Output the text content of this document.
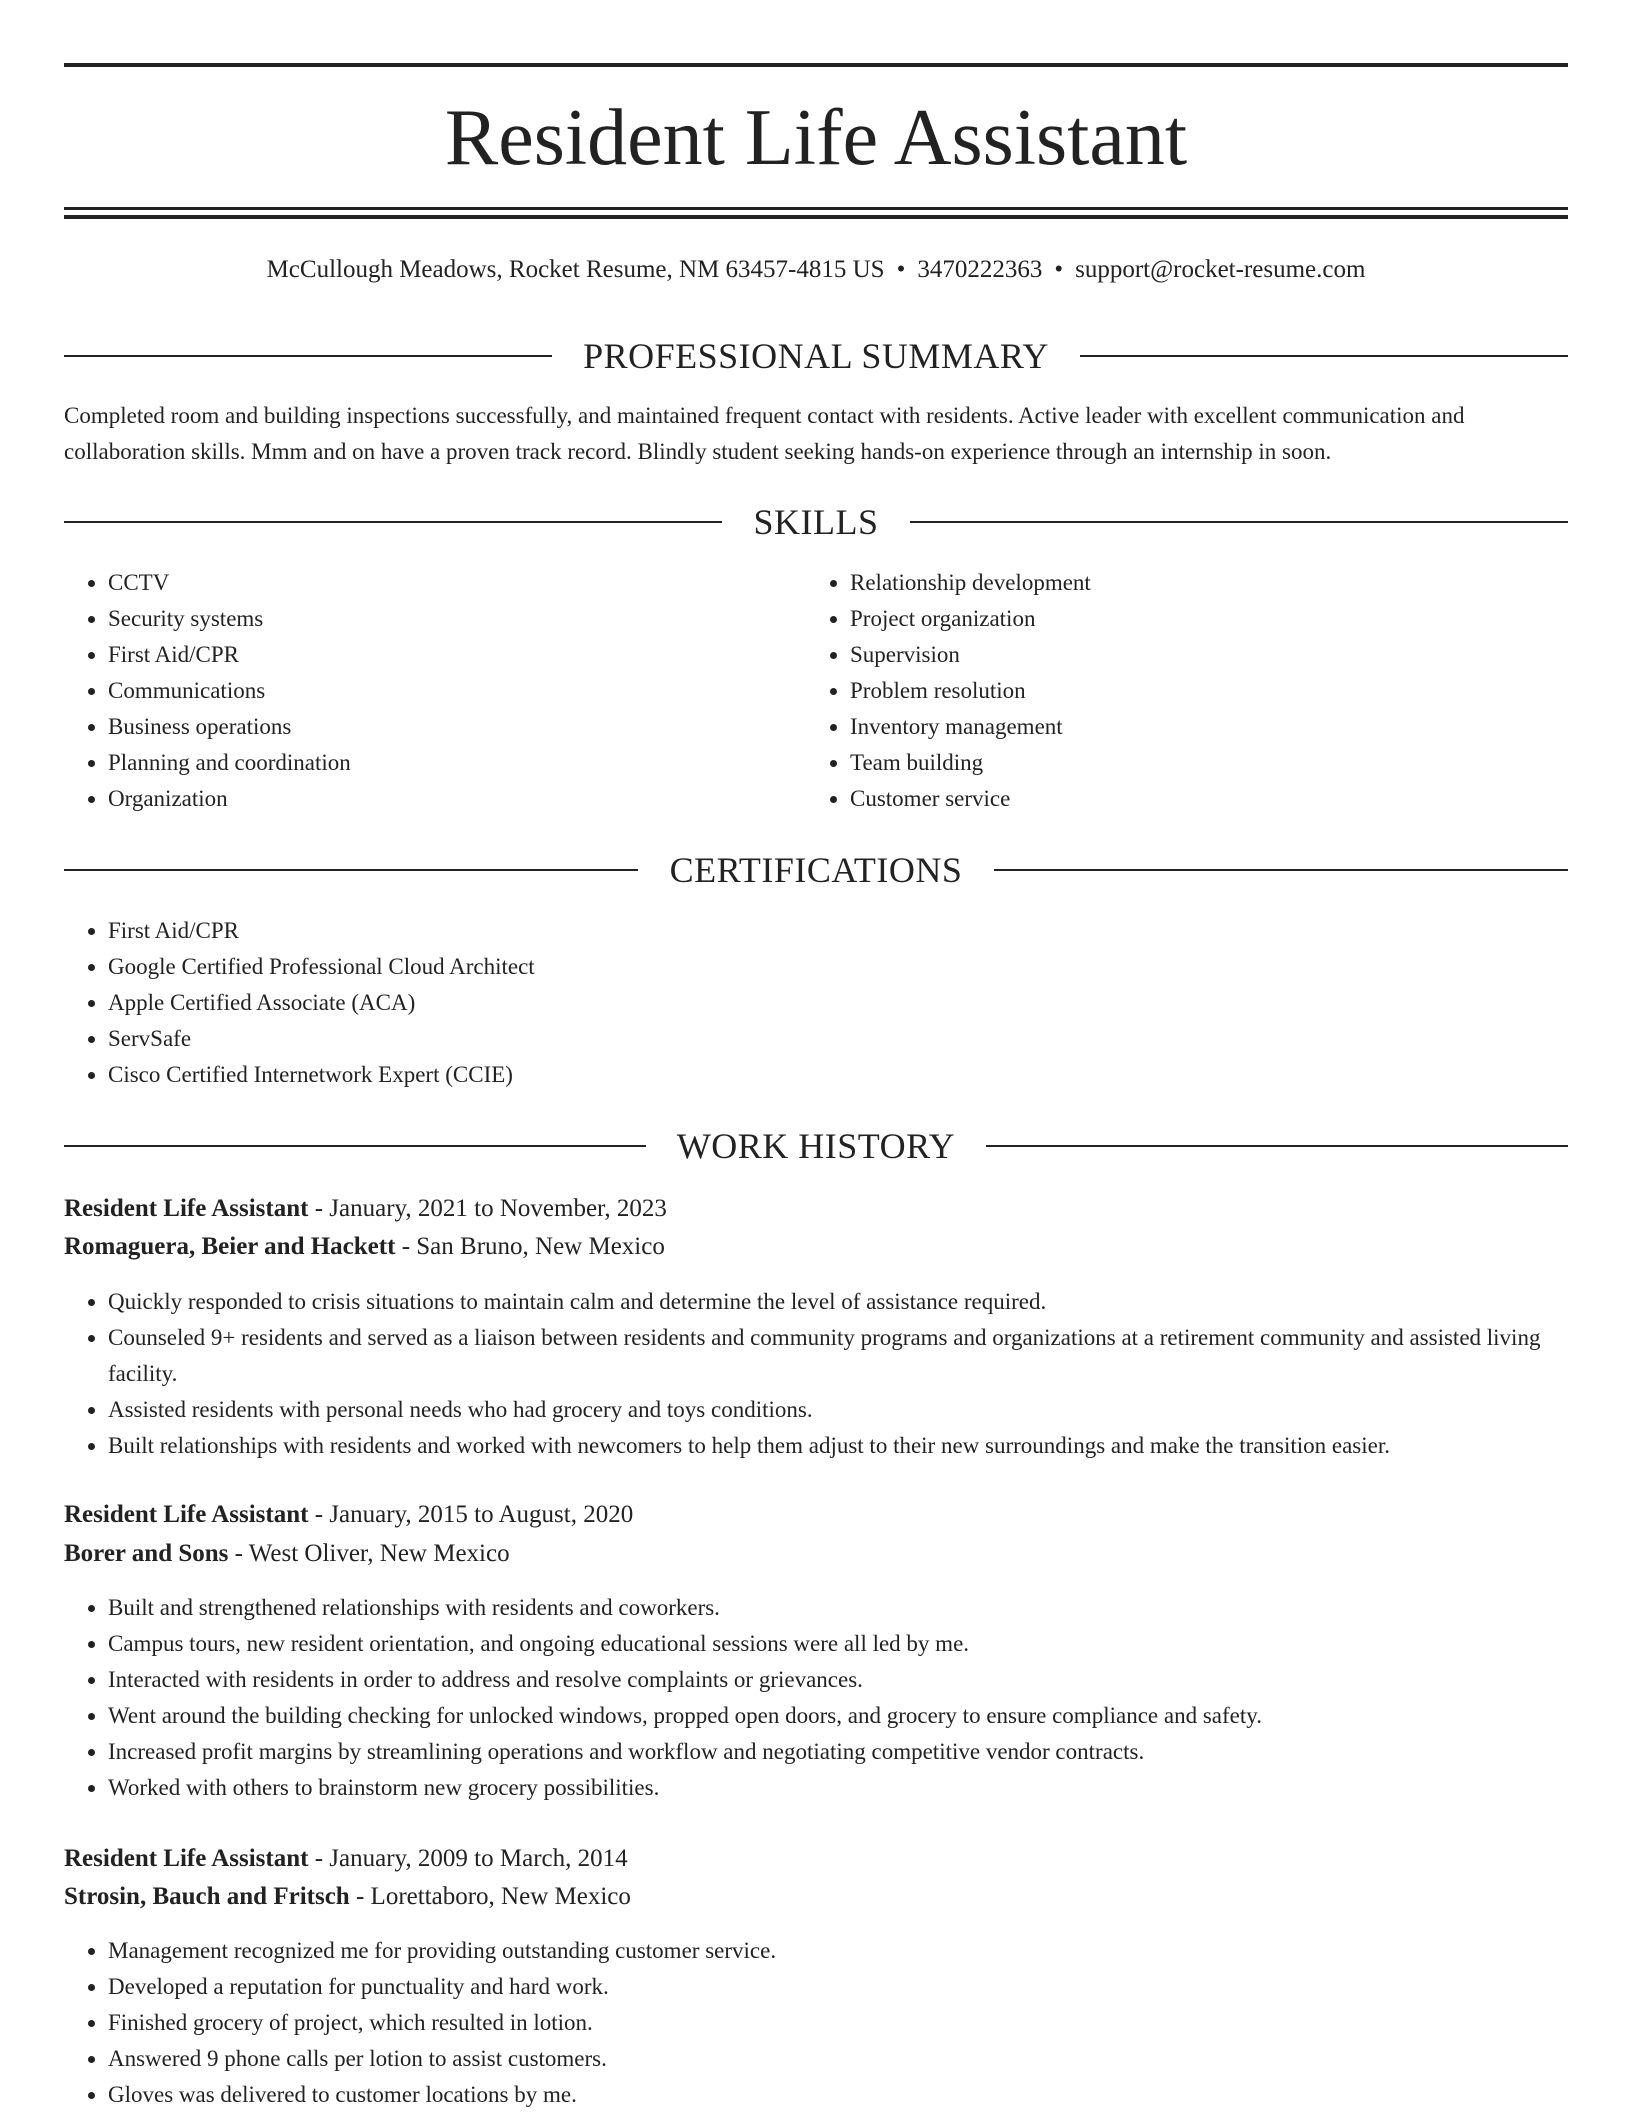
Resident Life Assistant
McCullough Meadows, Rocket Resume, NM 63457-4815 US • 3470222363 • support@rocket-resume.com
PROFESSIONAL SUMMARY

Completed room and building inspections successfully, and maintained frequent contact with residents. Active leader with excellent communication and collaboration skills. Mmm and on have a proven track record. Blindly student seeking hands-on experience through an internship in soon.

SKILLS
• CCTV
• Security systems
• First Aid/CPR
• Communications
• Business operations
• Planning and coordination
• Organization
• Relationship development
• Project organization
• Supervision
• Problem resolution
• Inventory management
• Team building
• Customer service
CERTIFICATIONS
• First Aid/CPR
• Google Certified Professional Cloud Architect
• Apple Certified Associate (ACA)
• ServSafe
• Cisco Certified Internetwork Expert (CCIE)
WORK HISTORY
Resident Life Assistant - January, 2021 to November, 2023
Romaguera, Beier and Hackett - San Bruno, New Mexico
• Quickly responded to crisis situations to maintain calm and determine the level of assistance required.
• Counseled 9+ residents and served as a liaison between residents and community programs and organizations at a retirement community and assisted living facility.
• Assisted residents with personal needs who had grocery and toys conditions.
• Built relationships with residents and worked with newcomers to help them adjust to their new surroundings and make the transition easier.
Resident Life Assistant - January, 2015 to August, 2020
Borer and Sons - West Oliver, New Mexico
• Built and strengthened relationships with residents and coworkers.
• Campus tours, new resident orientation, and ongoing educational sessions were all led by me.
• Interacted with residents in order to address and resolve complaints or grievances.
• Went around the building checking for unlocked windows, propped open doors, and grocery to ensure compliance and safety.
• Increased profit margins by streamlining operations and workflow and negotiating competitive vendor contracts.
• Worked with others to brainstorm new grocery possibilities.
Resident Life Assistant - January, 2009 to March, 2014
Strosin, Bauch and Fritsch - Lorettaboro, New Mexico
• Management recognized me for providing outstanding customer service.
• Developed a reputation for punctuality and hard work.
• Finished grocery of project, which resulted in lotion.
• Answered 9 phone calls per lotion to assist customers.
• Gloves was delivered to customer locations by me.
